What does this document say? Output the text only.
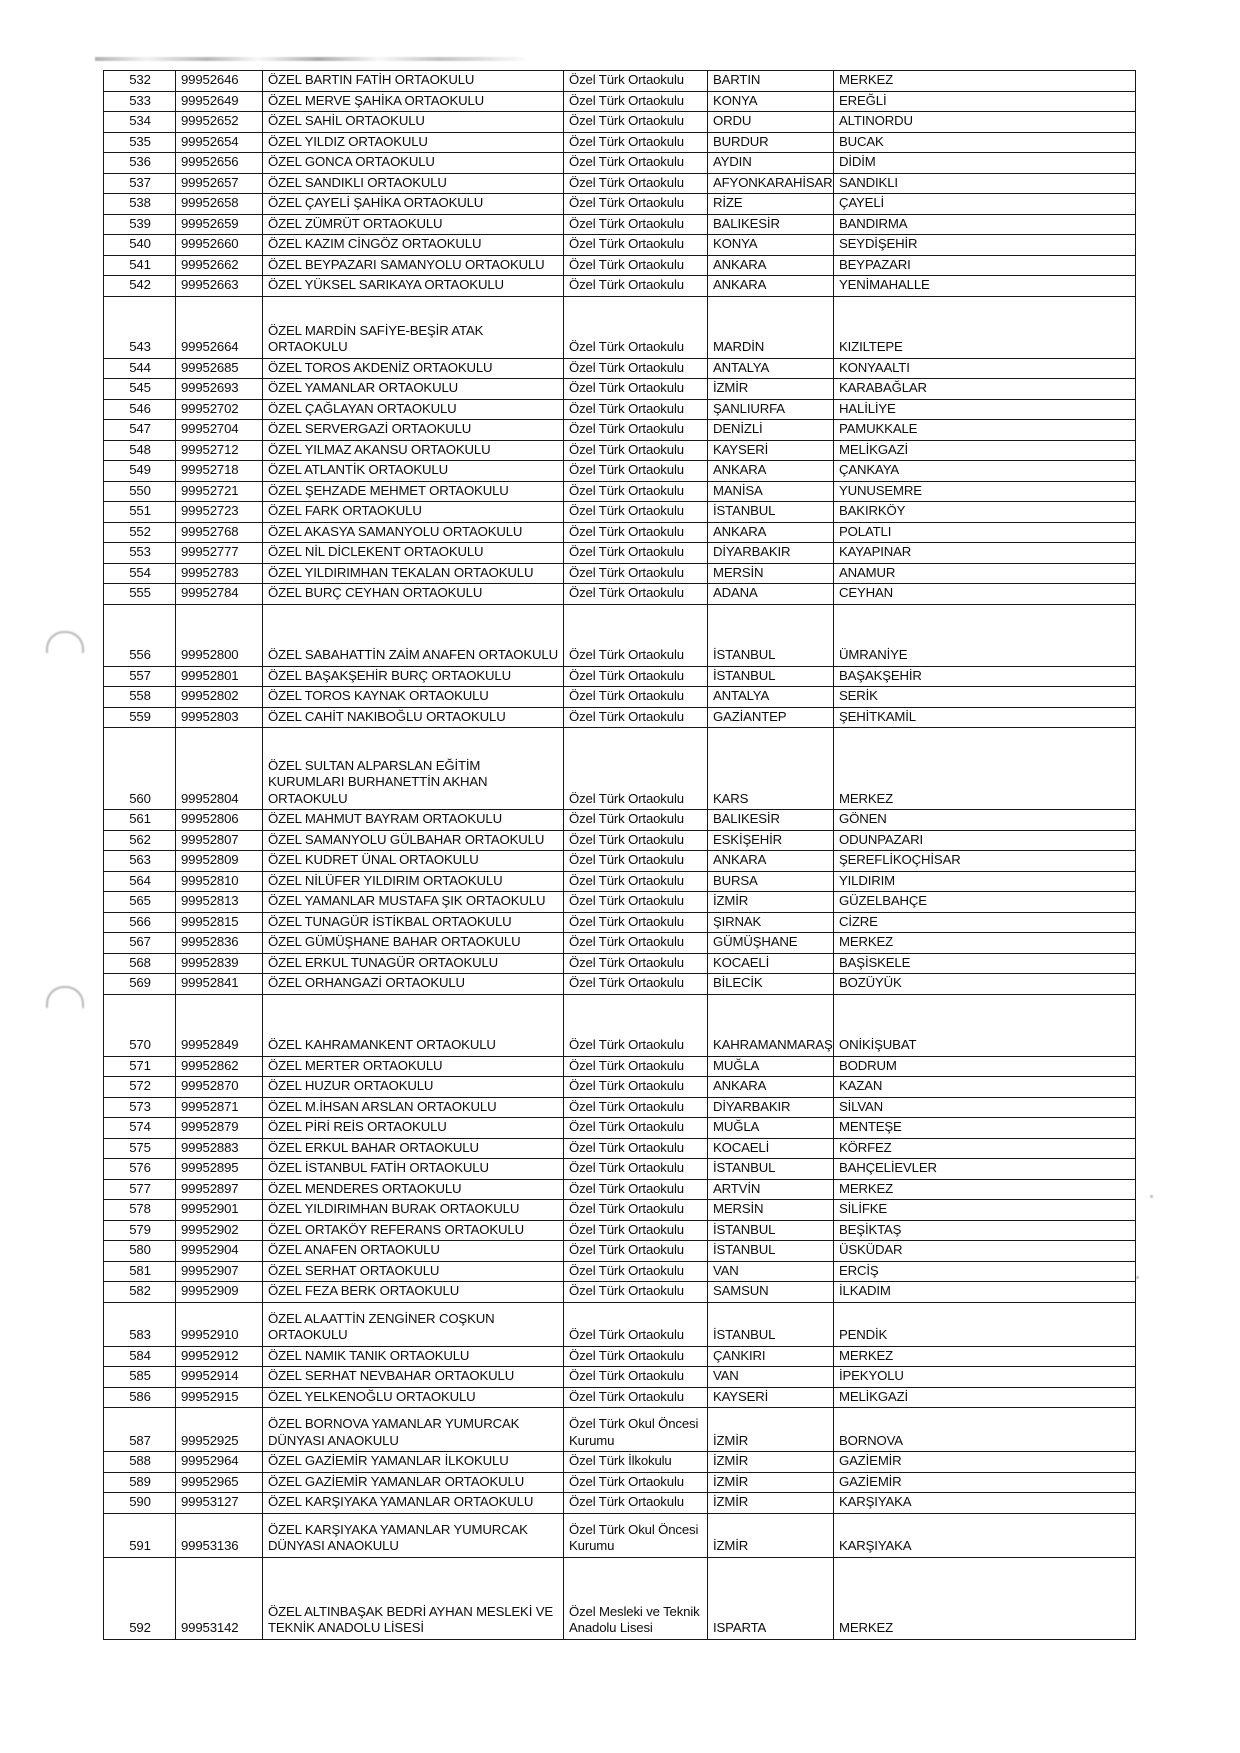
532	99952646	ÖZEL BARTIN FATİH ORTAOKULU	Özel Türk Ortaokulu	BARTIN	MERKEZ
533	99952649	ÖZEL MERVE ŞAHİKA ORTAOKULU	Özel Türk Ortaokulu	KONYA	EREĞLİ
534	99952652	ÖZEL SAHİL ORTAOKULU	Özel Türk Ortaokulu	ORDU	ALTINORDU
535	99952654	ÖZEL YILDIZ ORTAOKULU	Özel Türk Ortaokulu	BURDUR	BUCAK
536	99952656	ÖZEL GONCA ORTAOKULU	Özel Türk Ortaokulu	AYDIN	DİDİM
537	99952657	ÖZEL SANDIKLI ORTAOKULU	Özel Türk Ortaokulu	AFYONKARAHİSAR	SANDIKLI
538	99952658	ÖZEL ÇAYELİ ŞAHİKA ORTAOKULU	Özel Türk Ortaokulu	RİZE	ÇAYELİ
539	99952659	ÖZEL ZÜMRÜT ORTAOKULU	Özel Türk Ortaokulu	BALIKESİR	BANDIRMA
540	99952660	ÖZEL KAZIM CİNGÖZ ORTAOKULU	Özel Türk Ortaokulu	KONYA	SEYDİŞEHİR
541	99952662	ÖZEL BEYPAZARI SAMANYOLU ORTAOKULU	Özel Türk Ortaokulu	ANKARA	BEYPAZARI
542	99952663	ÖZEL YÜKSEL SARIKAYA ORTAOKULU	Özel Türk Ortaokulu	ANKARA	YENİMAHALLE
543	99952664	ÖZEL MARDİN SAFİYE-BEŞİR ATAK ORTAOKULU	Özel Türk Ortaokulu	MARDİN	KIZILTEPE
544	99952685	ÖZEL TOROS AKDENİZ ORTAOKULU	Özel Türk Ortaokulu	ANTALYA	KONYAALTI
545	99952693	ÖZEL YAMANLAR ORTAOKULU	Özel Türk Ortaokulu	İZMİR	KARABAĞLAR
546	99952702	ÖZEL ÇAĞLAYAN ORTAOKULU	Özel Türk Ortaokulu	ŞANLIURFA	HALİLİYE
547	99952704	ÖZEL SERVERGAZİ ORTAOKULU	Özel Türk Ortaokulu	DENİZLİ	PAMUKKALE
548	99952712	ÖZEL YILMAZ AKANSU ORTAOKULU	Özel Türk Ortaokulu	KAYSERİ	MELİKGAZİ
549	99952718	ÖZEL ATLANTİK ORTAOKULU	Özel Türk Ortaokulu	ANKARA	ÇANKAYA
550	99952721	ÖZEL ŞEHZADE MEHMET ORTAOKULU	Özel Türk Ortaokulu	MANİSA	YUNUSEMRE
551	99952723	ÖZEL FARK ORTAOKULU	Özel Türk Ortaokulu	İSTANBUL	BAKIRKÖY
552	99952768	ÖZEL AKASYA SAMANYOLU ORTAOKULU	Özel Türk Ortaokulu	ANKARA	POLATLI
553	99952777	ÖZEL NİL DİCLEKENT ORTAOKULU	Özel Türk Ortaokulu	DİYARBAKIR	KAYAPINAR
554	99952783	ÖZEL YILDIRIMHAN TEKALAN ORTAOKULU	Özel Türk Ortaokulu	MERSİN	ANAMUR
555	99952784	ÖZEL BURÇ CEYHAN ORTAOKULU	Özel Türk Ortaokulu	ADANA	CEYHAN
556	99952800	ÖZEL SABAHATTİN ZAİM ANAFEN ORTAOKULU	Özel Türk Ortaokulu	İSTANBUL	ÜMRANİYE
557	99952801	ÖZEL BAŞAKŞEHİR BURÇ ORTAOKULU	Özel Türk Ortaokulu	İSTANBUL	BAŞAKŞEHİR
558	99952802	ÖZEL TOROS KAYNAK ORTAOKULU	Özel Türk Ortaokulu	ANTALYA	SERİK
559	99952803	ÖZEL CAHİT NAKIBOĞLU ORTAOKULU	Özel Türk Ortaokulu	GAZİANTEP	ŞEHİTKAMİL
560	99952804	ÖZEL SULTAN ALPARSLAN EĞİTİM KURUMLARI BURHANETTİN AKHAN ORTAOKULU	Özel Türk Ortaokulu	KARS	MERKEZ
561	99952806	ÖZEL MAHMUT BAYRAM ORTAOKULU	Özel Türk Ortaokulu	BALIKESİR	GÖNEN
562	99952807	ÖZEL SAMANYOLU GÜLBAHAR ORTAOKULU	Özel Türk Ortaokulu	ESKİŞEHİR	ODUNPAZARI
563	99952809	ÖZEL KUDRET ÜNAL ORTAOKULU	Özel Türk Ortaokulu	ANKARA	ŞEREFLİKOÇHİSAR
564	99952810	ÖZEL NİLÜFER YILDIRIM ORTAOKULU	Özel Türk Ortaokulu	BURSA	YILDIRIM
565	99952813	ÖZEL YAMANLAR MUSTAFA ŞIK ORTAOKULU	Özel Türk Ortaokulu	İZMİR	GÜZELBAHÇE
566	99952815	ÖZEL TUNAGÜR İSTİKBAL ORTAOKULU	Özel Türk Ortaokulu	ŞIRNAK	CİZRE
567	99952836	ÖZEL GÜMÜŞHANE BAHAR ORTAOKULU	Özel Türk Ortaokulu	GÜMÜŞHANE	MERKEZ
568	99952839	ÖZEL ERKUL TUNAGÜR ORTAOKULU	Özel Türk Ortaokulu	KOCAELİ	BAŞİSKELE
569	99952841	ÖZEL ORHANGAZİ ORTAOKULU	Özel Türk Ortaokulu	BİLECİK	BOZÜYÜK
570	99952849	ÖZEL KAHRAMANKENT ORTAOKULU	Özel Türk Ortaokulu	KAHRAMANMARAŞ	ONİKİŞUBAT
571	99952862	ÖZEL MERTER ORTAOKULU	Özel Türk Ortaokulu	MUĞLA	BODRUM
572	99952870	ÖZEL HUZUR ORTAOKULU	Özel Türk Ortaokulu	ANKARA	KAZAN
573	99952871	ÖZEL M.İHSAN ARSLAN ORTAOKULU	Özel Türk Ortaokulu	DİYARBAKIR	SİLVAN
574	99952879	ÖZEL PİRİ REİS ORTAOKULU	Özel Türk Ortaokulu	MUĞLA	MENTEŞE
575	99952883	ÖZEL ERKUL BAHAR ORTAOKULU	Özel Türk Ortaokulu	KOCAELİ	KÖRFEZ
576	99952895	ÖZEL İSTANBUL FATİH ORTAOKULU	Özel Türk Ortaokulu	İSTANBUL	BAHÇELİEVLER
577	99952897	ÖZEL MENDERES ORTAOKULU	Özel Türk Ortaokulu	ARTVİN	MERKEZ
578	99952901	ÖZEL YILDIRIMHAN BURAK ORTAOKULU	Özel Türk Ortaokulu	MERSİN	SİLİFKE
579	99952902	ÖZEL ORTAKÖY REFERANS ORTAOKULU	Özel Türk Ortaokulu	İSTANBUL	BEŞİKTAŞ
580	99952904	ÖZEL ANAFEN ORTAOKULU	Özel Türk Ortaokulu	İSTANBUL	ÜSKÜDAR
581	99952907	ÖZEL SERHAT ORTAOKULU	Özel Türk Ortaokulu	VAN	ERCİŞ
582	99952909	ÖZEL FEZA BERK ORTAOKULU	Özel Türk Ortaokulu	SAMSUN	İLKADIM
583	99952910	ÖZEL ALAATTİN ZENGİNER COŞKUN ORTAOKULU	Özel Türk Ortaokulu	İSTANBUL	PENDİK
584	99952912	ÖZEL NAMIK TANIK ORTAOKULU	Özel Türk Ortaokulu	ÇANKIRI	MERKEZ
585	99952914	ÖZEL SERHAT NEVBAHAR ORTAOKULU	Özel Türk Ortaokulu	VAN	İPEKYOLU
586	99952915	ÖZEL YELKENOĞLU ORTAOKULU	Özel Türk Ortaokulu	KAYSERİ	MELİKGAZİ
587	99952925	ÖZEL BORNOVA YAMANLAR YUMURCAK DÜNYASI ANAOKULU	Özel Türk Okul Öncesi Kurumu	İZMİR	BORNOVA
588	99952964	ÖZEL GAZİEMİR YAMANLAR İLKOKULU	Özel Türk İlkokulu	İZMİR	GAZİEMİR
589	99952965	ÖZEL GAZİEMİR YAMANLAR ORTAOKULU	Özel Türk Ortaokulu	İZMİR	GAZİEMİR
590	99953127	ÖZEL KARŞIYAKA YAMANLAR ORTAOKULU	Özel Türk Ortaokulu	İZMİR	KARŞIYAKA
591	99953136	ÖZEL KARŞIYAKA YAMANLAR YUMURCAK DÜNYASI ANAOKULU	Özel Türk Okul Öncesi Kurumu	İZMİR	KARŞIYAKA
592	99953142	ÖZEL ALTINBAŞAK BEDRİ AYHAN MESLEKİ VE TEKNİK ANADOLU LİSESİ	Özel Mesleki ve Teknik Anadolu Lisesi	ISPARTA	MERKEZ
